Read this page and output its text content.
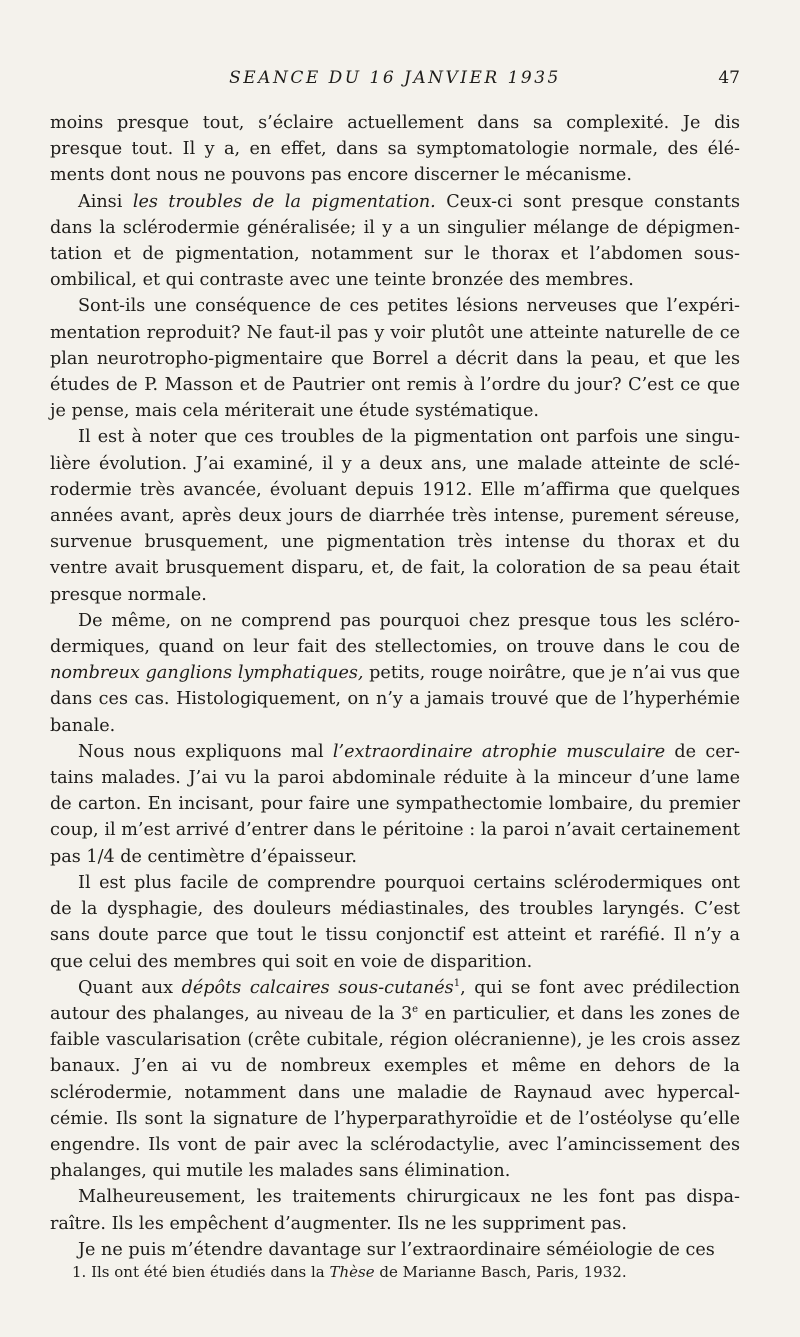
SEANCE DU 16 JANVIER 1935	47

moins presque tout, s’éclaire actuellement dans sa complexité. Je dis presque tout. Il y a, en effet, dans sa symptomatologie normale, des éléments dont nous ne pouvons pas encore discerner le mécanisme.

Ainsi les troubles de la pigmentation. Ceux-ci sont presque constants dans la sclérodermie généralisée; il y a un singulier mélange de dépigmentation et de pigmentation, notamment sur le thorax et l’abdomen sous-ombilical, et qui contraste avec une teinte bronzée des membres.

Sont-ils une conséquence de ces petites lésions nerveuses que l’expérimentation reproduit? Ne faut-il pas y voir plutôt une atteinte naturelle de ce plan neurotropho-pigmentaire que Borrel a décrit dans la peau, et que les études de P. Masson et de Pautrier ont remis à l’ordre du jour? C’est ce que je pense, mais cela mériterait une étude systématique.

Il est à noter que ces troubles de la pigmentation ont parfois une singulière évolution. J’ai examiné, il y a deux ans, une malade atteinte de sclérodermie très avancée, évoluant depuis 1912. Elle m’affirma que quelques années avant, après deux jours de diarrhée très intense, purement séreuse, survenue brusquement, une pigmentation très intense du thorax et du ventre avait brusquement disparu, et, de fait, la coloration de sa peau était presque normale.

De même, on ne comprend pas pourquoi chez presque tous les sclérodermiques, quand on leur fait des stellectomies, on trouve dans le cou de nombreux ganglions lymphatiques, petits, rouge noirâtre, que je n’ai vus que dans ces cas. Histologiquement, on n’y a jamais trouvé que de l’hyperhémie banale.

Nous nous expliquons mal l’extraordinaire atrophie musculaire de certains malades. J’ai vu la paroi abdominale réduite à la minceur d’une lame de carton. En incisant, pour faire une sympathectomie lombaire, du premier coup, il m’est arrivé d’entrer dans le péritoine : la paroi n’avait certainement pas 1/4 de centimètre d’épaisseur.

Il est plus facile de comprendre pourquoi certains sclérodermiques ont de la dysphagie, des douleurs médiastinales, des troubles laryngés. C’est sans doute parce que tout le tissu conjonctif est atteint et raréfié. Il n’y a que celui des membres qui soit en voie de disparition.

Quant aux dépôts calcaires sous-cutanés$^1$, qui se font avec prédilection autour des phalanges, au niveau de la 3e en particulier, et dans les zones de faible vascularisation (crête cubitale, région olécranienne), je les crois assez banaux. J’en ai vu de nombreux exemples et même en dehors de la sclérodermie, notamment dans une maladie de Raynaud avec hypercalcémie. Ils sont la signature de l’hyperparathyroïdie et de l’ostéolyse qu’elle engendre. Ils vont de pair avec la sclérodactylie, avec l’amincissement des phalanges, qui mutile les malades sans élimination.

Malheureusement, les traitements chirurgicaux ne les font pas disparaître. Ils les empêchent d’augmenter. Ils ne les suppriment pas.

Je ne puis m’étendre davantage sur l’extraordinaire séméiologie de ces

1. Ils ont été bien étudiés dans la Thèse de Marianne Basch, Paris, 1932.
